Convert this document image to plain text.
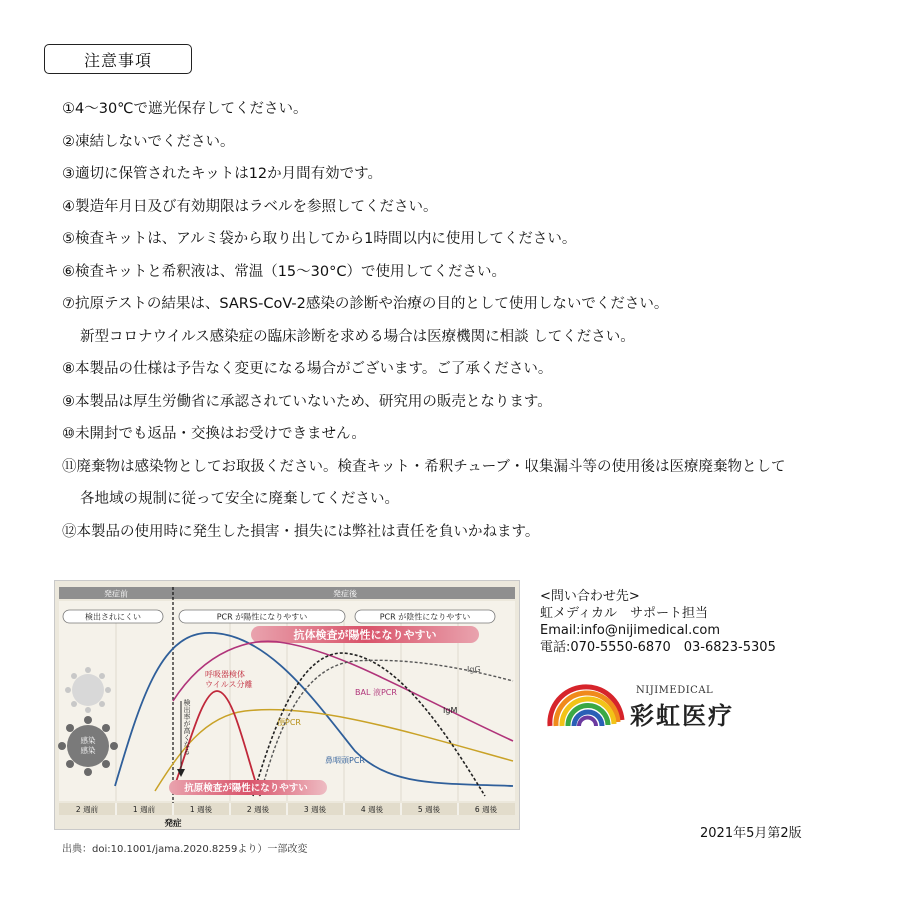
注意事項
①4～30℃で遮光保存してください。
②凍結しないでください。
③適切に保管されたキットは12か月間有効です。
④製造年月日及び有効期限はラベルを参照してください。
⑤検査キットは、アルミ袋から取り出してから1時間以内に使用してください。
⑥検査キットと希釈液は、常温（15～30°C）で使用してください。
⑦抗原テストの結果は、SARS-CoV-2感染の診断や治療の目的として使用しないでください。
新型コロナウイルス感染症の臨床診断を求める場合は医療機関に相談 してください。
⑧本製品の仕様は予告なく変更になる場合がございます。ご了承ください。
⑨本製品は厚生労働省に承認されていないため、研究用の販売となります。
⑩未開封でも返品・交換はお受けできません。
⑪廃棄物は感染物としてお取扱ください。検査キット・希釈チューブ・収集漏斗等の使用後は医療廃棄物として
各地域の規制に従って安全に廃棄してください。
⑫本製品の使用時に発生した損害・損失には弊社は責任を負いかねます。
発症前	発症後
検出されにくい	PCR が陽性になりやすい	PCR が陰性になりやすい
抗体検査が陽性になりやすい
感染感染
IgG
IgM
BAL 液PCR
便PCR
鼻咽頭PCR
呼吸器検体ウイルス分離
検出率が高くなる
抗原検査が陽性になりやすい
2 週前	1 週前	1 週後	2 週後	3 週後	4 週後	5 週後	6 週後
発症
出典：doi:10.1001/jama.2020.8259より）一部改変
<問い合わせ先>
虹メディカル　サポート担当
Email:info@nijimedical.com
電話:070-5550-6870　03-6823-5305
NIJIMEDICAL
彩虹医疗
2021年5月第2版
